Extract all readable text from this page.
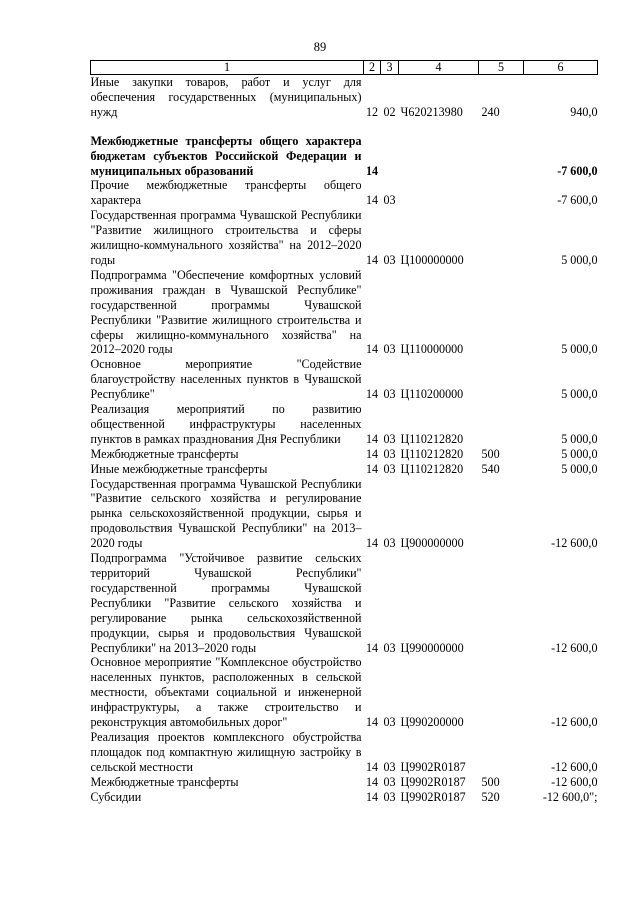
89
1	2	3	4	5	6
Иные закупки товаров, работ и услуг для обеспечения государственных (муниципальных) нужд	12	02	Ч620213980	240	940,0

Межбюджетные трансферты общего характера бюджетам субъектов Российской Федерации и муниципальных образований	14				-7 600,0
Прочие межбюджетные трансферты общего характера	14	03			-7 600,0
Государственная программа Чувашской Республики "Развитие жилищного строительства и сферы жилищно-коммунального хозяйства" на 2012–2020 годы	14	03	Ц100000000		5 000,0
Подпрограмма "Обеспечение комфортных условий проживания граждан в Чувашской Республике" государственной программы Чувашской Республики "Развитие жилищного строительства и сферы жилищно-коммунального хозяйства" на 2012–2020 годы	14	03	Ц110000000		5 000,0
Основное мероприятие "Содействие благоустройству населенных пунктов в Чувашской Республике"	14	03	Ц110200000		5 000,0
Реализация мероприятий по развитию общественной инфраструктуры населенных пунктов в рамках празднования Дня Республики	14	03	Ц110212820		5 000,0
Межбюджетные трансферты	14	03	Ц110212820	500	5 000,0
Иные межбюджетные трансферты	14	03	Ц110212820	540	5 000,0
Государственная программа Чувашской Республики "Развитие сельского хозяйства и регулирование рынка сельскохозяйственной продукции, сырья и продовольствия Чувашской Республики" на 2013–2020 годы	14	03	Ц900000000		-12 600,0
Подпрограмма "Устойчивое развитие сельских территорий Чувашской Республики" государственной программы Чувашской Республики "Развитие сельского хозяйства и регулирование рынка сельскохозяйственной продукции, сырья и продовольствия Чувашской Республики" на 2013–2020 годы	14	03	Ц990000000		-12 600,0
Основное мероприятие "Комплексное обустройство населенных пунктов, расположенных в сельской местности, объектами социальной и инженерной инфраструктуры, а также строительство и реконструкция автомобильных дорог"	14	03	Ц990200000		-12 600,0
Реализация проектов комплексного обустройства площадок под компактную жилищную застройку в сельской местности	14	03	Ц9902R0187		-12 600,0
Межбюджетные трансферты	14	03	Ц9902R0187	500	-12 600,0
Субсидии	14	03	Ц9902R0187	520	-12 600,0";
